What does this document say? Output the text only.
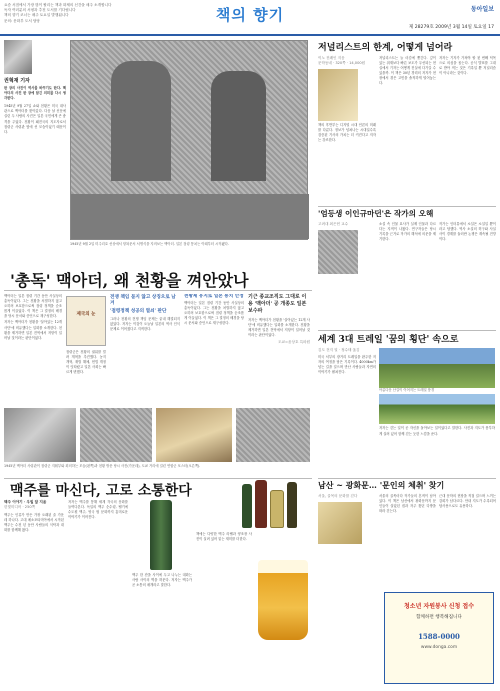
요즘 서점에서 가장 많이 팔리는 책과 화제의 신간을 매주 소개합니다
독자 여러분의 서평과 추천 도서를 기다립니다
책의 향기 코너는 매주 토요일 발행됩니다
문의: 문화부 도서 담당	책의 향기	동아일보
제 28279호 2009년 3월 14일 토요일 17
권혁재 기자
한 장의 사진이 역사를 바꾸기도 한다. 맥아더의 사진 한 장에 담긴 의미를 다시 생각한다.
1945년 9월 27일 쇼와 천황은 미국 대사관으로 맥아더를 찾아갔다. 다음 날 신문에 실린 두 사람의 사진은 일본 국민에게 큰 충격을 주었다. 천황이 패전국의 지도자로서 점령군 사령관 옆에 선 모습이었기 때문이다.
1945년 9월 2일 미주리호 선상에서 항복문서 서명식을 지켜보는 맥아더. 일본 점령 통치는 이때부터 시작됐다.
'총독' 맥아더, 왜 천황을 껴안았나

맥아더는 일본 점령 기간 동안 사실상의 총독이었다. 그는 천황을 처벌하지 않고 오히려 보호함으로써 점령 정책을 순조롭게 이끌었다. 이 책은 그 결정의 배경을 당시 문서와 증언으로 재구성한다.

저자는 맥아더가 천황을 '살아있는 12개 사단'에 비유했다는 일화를 소개한다. 천황을 제거하면 일본 전역에서 저항이 일어날 것이라는 판단이었다.

제국의 눈

점령군은 천황의 권위를 빌려 개혁을 추진했다. 농지 개혁, 재벌 해체, 헌법 개정이 잇따랐고 일본 사회는 빠르게 변했다.

전쟁 책임 묻지 않고 상징으로 남겨
'점령정책 성공의 열쇠' 판단
그러나 천황의 전쟁 책임 문제는 끝내 해결되지 않았다. 저자는 이것이 오늘날 일본의 역사 인식 문제로 이어졌다고 지적한다.
천황제 유지로 일본 통치 안정

맥아더는 일본 점령 기간 동안 사실상의 총독이었다. 그는 천황을 처벌하지 않고 오히려 보호함으로써 점령 정책을 순조롭게 이끌었다. 이 책은 그 결정의 배경을 당시 문서와 증언으로 재구성한다.

기근 종교조직도 그대로 이용 '맥아더' 공 개종도 일본 보수파
저자는 맥아더가 천황을 '살아있는 12개 사단'에 비유했다는 일화를 소개한다. 천황을 제거하면 일본 전역에서 저항이 일어날 것이라는 판단이었다.
도쿄=윤상호 특파원
1945년 맥아더 사령관이 점령군 지휘부와 회의하는 모습(왼쪽)과 천황 방문 당시 사진(가운데), 도쿄 거리에 걸린 연합군 포스터(오른쪽).
맥주를 마신다, 고로 소통한다
맥주 이야기 · 우빌 알 지음
한빛미디어 · 250쪽
맥주는 인류가 만든 가장 오래된 술 가운데 하나다. 고대 메소포타미아에서 시작된 맥주는 수천 년 동안 사람들의 식탁과 대화를 함께해 왔다.

저자는 맥주를 통해 세계 각국의 문화를 들여다본다. 독일의 맥주 순수령, 벨기에 수도원 맥주, 영국 펍 문화까지 흥미로운 이야기가 이어진다.

맥주 한 잔을 사이에 두고 나누는 대화는 사람 사이의 벽을 허문다. 저자는 맥주가 곧 소통의 매개라고 말한다.

책에는 다양한 맥주 라벨과 양조장 사진이 실려 있어 읽는 재미를 더한다.

저널리스트의 한계, 어떻게 넘어라
이노 진쾌인 지음
문학동네 · 320쪽 · 14,000원
책의 후반부는 디지털 시대 언론의 미래를 다룬다. 정보가 넘쳐나는 시대일수록 검증된 기사의 가치는 더 커진다고 저자는 강조한다.
저널리스트는 늘 마감에 쫓긴다. 깊이 있는 취재보다 빠른 보도가 우선되는 현실에서 기자는 어떻게 진실에 다가갈 수 있을까. 이 책은 30년 경력의 저자가 현장에서 겪은 고민을 솔직하게 털어놓는다.
저자는 기자가 가져야 할 첫 번째 덕목으로 의심을 꼽는다. 공식 발표를 그대로 받아 적는 것은 기록일 뿐 저널리즘이 아니라는 것이다.
'엄등생 이인규마던'은 작가의 오해
고려대 최은헌 교수	소설 속 인물 묘사가 실제 인물과 다르다는 지적이 나왔다. 연구자들은 당시 기록을 근거로 작가의 해석에 의문을 제기한다.
작가는 인터뷰에서 소설은 소설일 뿐이라고 답했다. 역사 소설의 허구와 사실 사이 경계를 둘러싼 논쟁은 계속될 전망이다.
세계 3대 트레일 '꿈의 횡단' 속으로
김도 전지 열 · 정수태 옮김
미국 서부의 장거리 트레일을 완주한 저자의 여정을 담은 기록이다. 4000km가 넘는 길을 걸으며 만난 사람들과 자연의 이야기가 펼쳐진다.
아름다운 산길이 이어지는 트레일 풍경
저자는 걷는 일이 곧 자신을 돌아보는 일이었다고 말한다. 사진과 지도가 풍부하게 실려 있어 함께 걷는 듯한 느낌을 준다.
남산 ~ 광화문… '문인의 체취' 찾기
서울, 골목의 문화를 걷다	서울의 골목마다 작가들의 흔적이 남아 있다. 이 책은 남산에서 광화문까지 문인들이 살았던 집과 자주 찾던 다방을 따라 걷는다.
근대 문학의 현장을 직접 걸으며 느끼는 감회가 남다르다. 안내 지도가 수록되어 답사용으로도 유용하다.
청소년 자원봉사 신청 접수
함께하면 행복해집니다
1588-0000
www.donga.com
